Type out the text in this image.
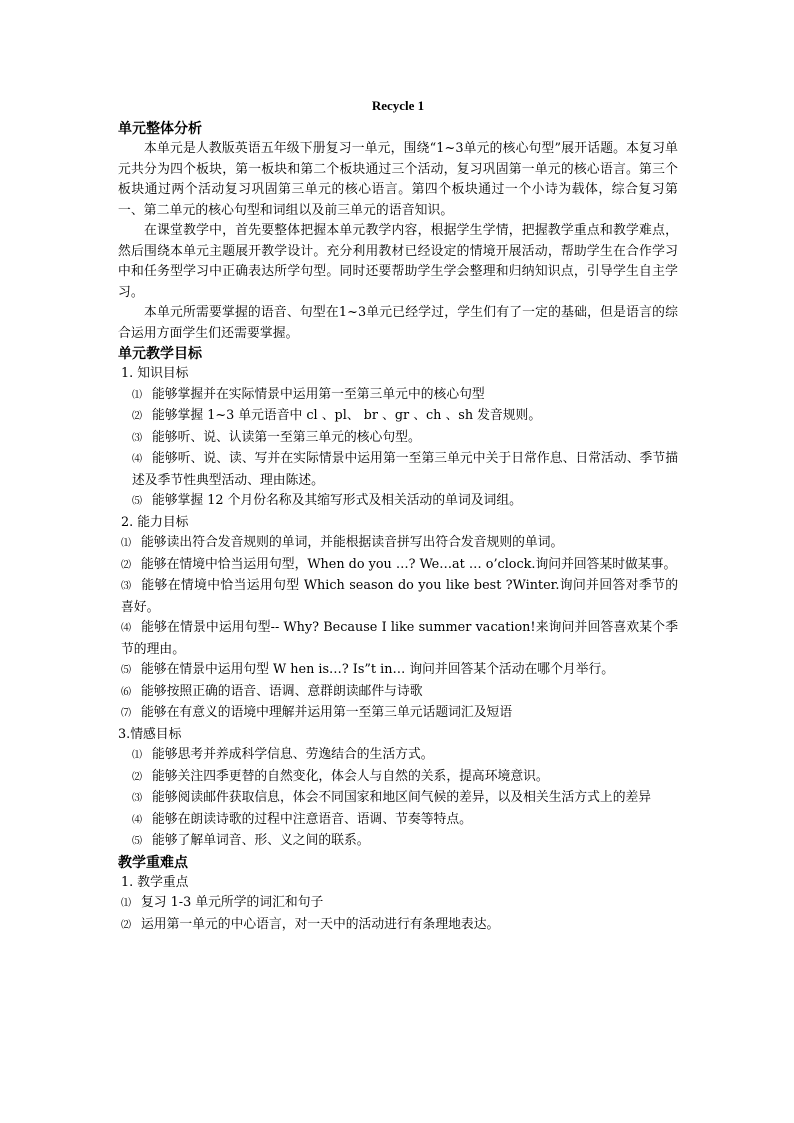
Recycle 1

单元整体分析

本单元是人教版英语五年级下册复习一单元，围绕“1~3单元的核心句型”展开话题。本复习单元共分为四个板块，第一板块和第二个板块通过三个活动，复习巩固第一单元的核心语言。第三个板块通过两个活动复习巩固第三单元的核心语言。第四个板块通过一个小诗为载体，综合复习第一、第二单元的核心句型和词组以及前三单元的语音知识。

在课堂教学中，首先要整体把握本单元教学内容，根据学生学情，把握教学重点和教学难点，然后围绕本单元主题展开教学设计。充分利用教材已经设定的情境开展活动，帮助学生在合作学习中和任务型学习中正确表达所学句型。同时还要帮助学生学会整理和归纳知识点，引导学生自主学习。

本单元所需要掌握的语音、句型在1~3单元已经学过，学生们有了一定的基础，但是语言的综合运用方面学生们还需要掌握。

单元教学目标

1. 知识目标

⑴ 能够掌握并在实际情景中运用第一至第三单元中的核心句型

⑵ 能够掌握 1~3 单元语音中 cl 、pl、 br 、gr 、ch 、sh 发音规则。

⑶ 能够听、说、认读第一至第三单元的核心句型。

⑷ 能够听、说、读、写并在实际情景中运用第一至第三单元中关于日常作息、日常活动、季节描述及季节性典型活动、理由陈述。

⑸ 能够掌握 12 个月份名称及其缩写形式及相关活动的单词及词组。

2. 能力目标

⑴ 能够读出符合发音规则的单词，并能根据读音拼写出符合发音规则的单词。

⑵ 能够在情境中恰当运用句型，When do you …? We…at … o’clock.询问并回答某时做某事。

⑶ 能够在情境中恰当运用句型 Which season do you like best ?Winter.询问并回答对季节的喜好。

⑷ 能够在情景中运用句型-- Why? Because I like summer vacation!来询问并回答喜欢某个季节的理由。

⑸ 能够在情景中运用句型 W hen is…? Is”t in… 询问并回答某个活动在哪个月举行。

⑹ 能够按照正确的语音、语调、意群朗读邮件与诗歌

⑺ 能够在有意义的语境中理解并运用第一至第三单元话题词汇及短语

3.情感目标

⑴ 能够思考并养成科学信息、劳逸结合的生活方式。

⑵ 能够关注四季更替的自然变化，体会人与自然的关系，提高环境意识。

⑶ 能够阅读邮件获取信息，体会不同国家和地区间气候的差异，以及相关生活方式上的差异

⑷ 能够在朗读诗歌的过程中注意语音、语调、节奏等特点。

⑸ 能够了解单词音、形、义之间的联系。

教学重难点

1. 教学重点

⑴ 复习 1-3 单元所学的词汇和句子

⑵ 运用第一单元的中心语言，对一天中的活动进行有条理地表达。
